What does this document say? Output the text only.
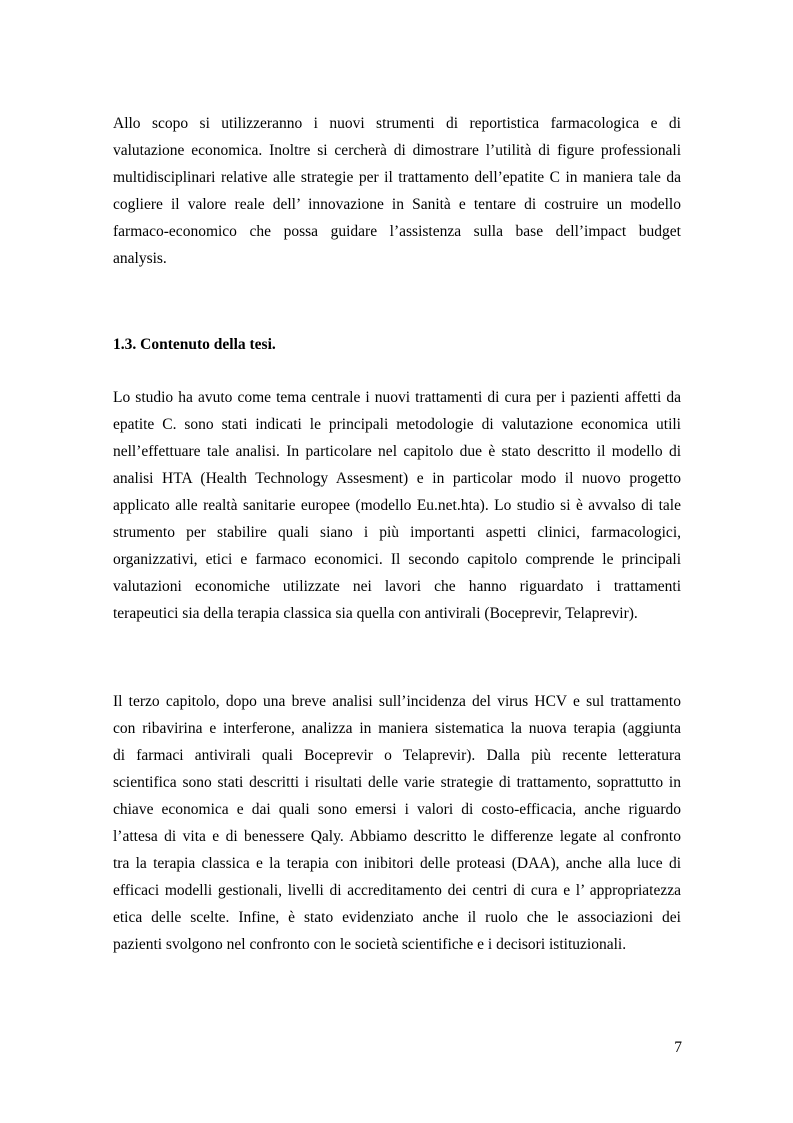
Allo scopo si utilizzeranno i nuovi strumenti di reportistica farmacologica e di
valutazione economica. Inoltre si cercherà di dimostrare l’utilità di figure professionali
multidisciplinari relative alle strategie per il trattamento dell’epatite C in maniera tale da
cogliere il valore reale dell’ innovazione in Sanità e tentare di costruire un modello
farmaco-economico che possa guidare l’assistenza sulla base dell’impact budget
analysis.
1.3. Contenuto della tesi.
Lo studio ha avuto come tema centrale i nuovi trattamenti di cura per i pazienti affetti da
epatite C. sono stati indicati le principali metodologie di valutazione economica utili
nell’effettuare tale analisi. In particolare nel capitolo due è stato descritto il modello di
analisi HTA (Health Technology Assesment) e in particolar modo il nuovo progetto
applicato alle realtà sanitarie europee (modello Eu.net.hta). Lo studio si è avvalso di tale
strumento per stabilire quali siano i più importanti aspetti clinici, farmacologici,
organizzativi, etici e farmaco economici. Il secondo capitolo comprende le principali
valutazioni economiche utilizzate nei lavori che hanno riguardato i trattamenti
terapeutici sia della terapia classica sia quella con antivirali (Boceprevir, Telaprevir).
Il terzo capitolo, dopo una breve analisi sull’incidenza del virus HCV e sul trattamento
con ribavirina e interferone, analizza in maniera sistematica la nuova terapia (aggiunta
di farmaci antivirali quali Boceprevir o Telaprevir). Dalla più recente letteratura
scientifica sono stati descritti i risultati delle varie strategie di trattamento, soprattutto in
chiave economica e dai quali sono emersi i valori di costo-efficacia, anche riguardo
l’attesa di vita e di benessere Qaly. Abbiamo descritto le differenze legate al confronto
tra la terapia classica e la terapia con inibitori delle proteasi (DAA), anche alla luce di
efficaci modelli gestionali, livelli di accreditamento dei centri di cura e l’ appropriatezza
etica delle scelte. Infine, è stato evidenziato anche il ruolo che le associazioni dei
pazienti svolgono nel confronto con le società scientifiche e i decisori istituzionali.
7
